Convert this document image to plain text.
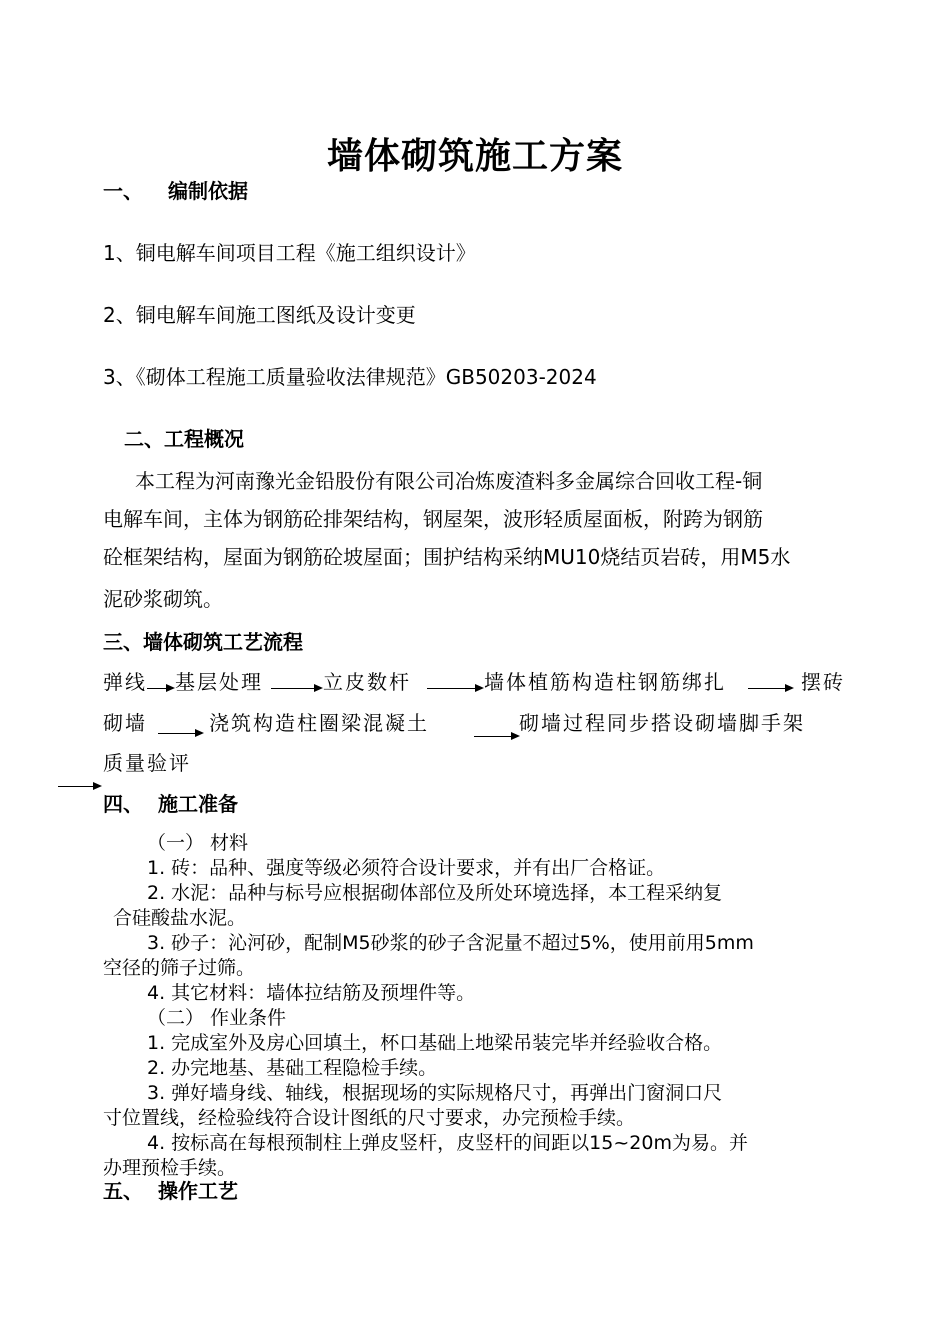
墙体砌筑施工方案
一、 编制依据
1、铜电解车间项目工程《施工组织设计》
2、铜电解车间施工图纸及设计变更
3、《砌体工程施工质量验收法律规范》GB50203-2024
二、工程概况
本工程为河南豫光金铅股份有限公司冶炼废渣料多金属综合回收工程-铜
电解车间，主体为钢筋砼排架结构，钢屋架，波形轻质屋面板，附跨为钢筋
砼框架结构，屋面为钢筋砼坡屋面；围护结构采纳MU10烧结页岩砖，用M5水
泥砂浆砌筑。
三、墙体砌筑工艺流程
弹线 基层处理	立皮数杆	墙体植筋构造柱钢筋绑扎	摆砖
砌墙	浇筑构造柱圈梁混凝土	砌墙过程同步搭设砌墙脚手架
质量验评
四、 施工准备
（一） 材料
1. 砖：品种、强度等级必须符合设计要求，并有出厂合格证。
2. 水泥：品种与标号应根据砌体部位及所处环境选择，本工程采纳复
合硅酸盐水泥。
3. 砂子：沁河砂，配制M5砂浆的砂子含泥量不超过5%，使用前用5mm
空径的筛子过筛。
4. 其它材料：墙体拉结筋及预埋件等。
（二） 作业条件
1. 完成室外及房心回填土，杯口基础上地梁吊装完毕并经验收合格。
2. 办完地基、基础工程隐检手续。
3. 弹好墙身线、轴线，根据现场的实际规格尺寸，再弹出门窗洞口尺
寸位置线，经检验线符合设计图纸的尺寸要求，办完预检手续。
4. 按标高在每根预制柱上弹皮竖杆，皮竖杆的间距以15~20m为易。并
办理预检手续。
五、 操作工艺
